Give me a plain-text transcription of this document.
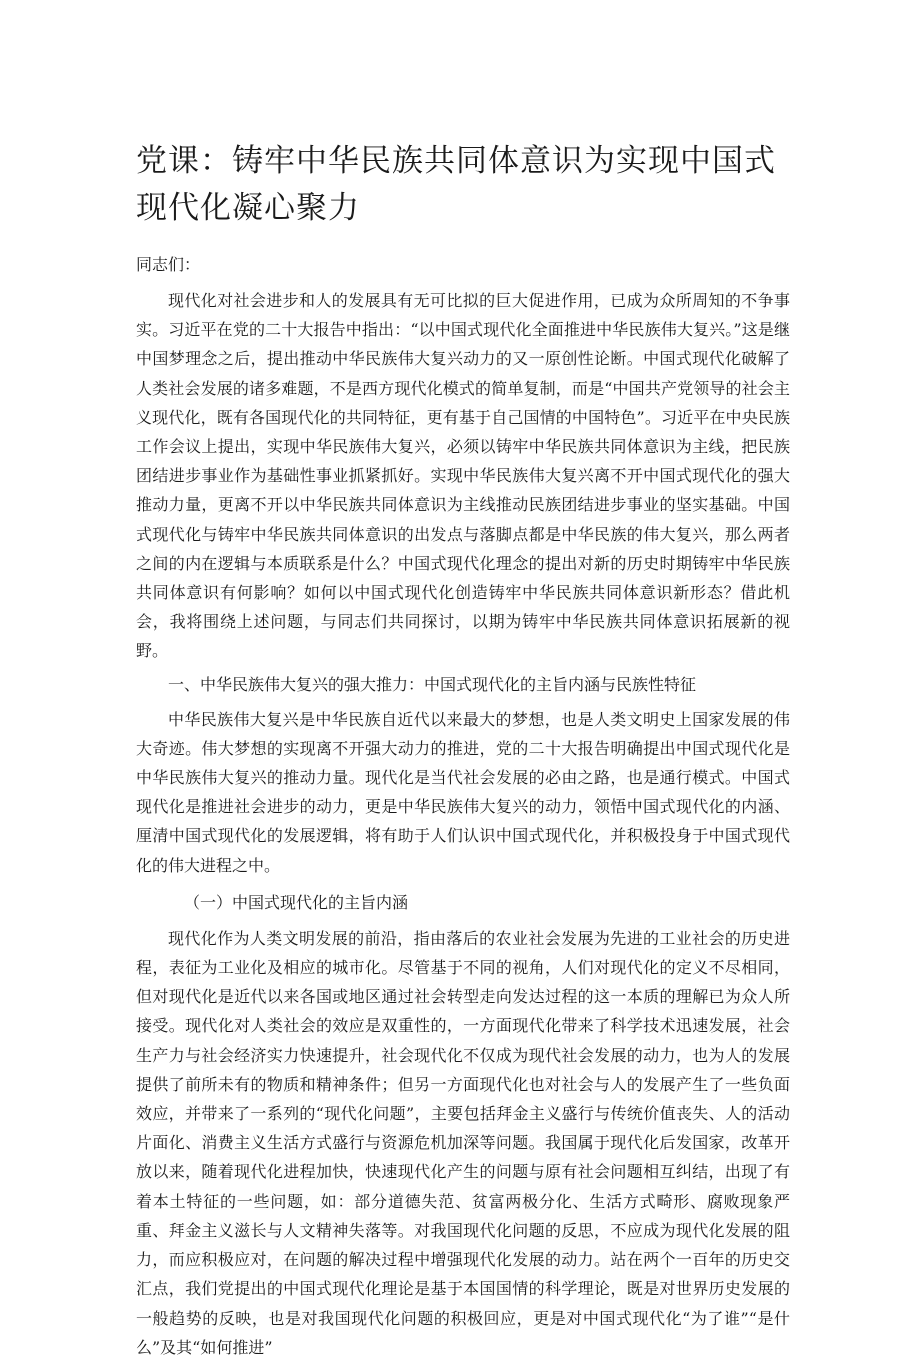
党课：铸牢中华民族共同体意识为实现中国式现代化凝心聚力

同志们：

现代化对社会进步和人的发展具有无可比拟的巨大促进作用，已成为众所周知的不争事实。习近平在党的二十大报告中指出：“以中国式现代化全面推进中华民族伟大复兴。”这是继中国梦理念之后，提出推动中华民族伟大复兴动力的又一原创性论断。中国式现代化破解了人类社会发展的诸多难题，不是西方现代化模式的简单复制，而是“中国共产党领导的社会主义现代化，既有各国现代化的共同特征，更有基于自己国情的中国特色”。习近平在中央民族工作会议上提出，实现中华民族伟大复兴，必须以铸牢中华民族共同体意识为主线，把民族团结进步事业作为基础性事业抓紧抓好。实现中华民族伟大复兴离不开中国式现代化的强大推动力量，更离不开以中华民族共同体意识为主线推动民族团结进步事业的坚实基础。中国式现代化与铸牢中华民族共同体意识的出发点与落脚点都是中华民族的伟大复兴，那么两者之间的内在逻辑与本质联系是什么？中国式现代化理念的提出对新的历史时期铸牢中华民族共同体意识有何影响？如何以中国式现代化创造铸牢中华民族共同体意识新形态？借此机会，我将围绕上述问题，与同志们共同探讨，以期为铸牢中华民族共同体意识拓展新的视野。

一、中华民族伟大复兴的强大推力：中国式现代化的主旨内涵与民族性特征

中华民族伟大复兴是中华民族自近代以来最大的梦想，也是人类文明史上国家发展的伟大奇迹。伟大梦想的实现离不开强大动力的推进，党的二十大报告明确提出中国式现代化是中华民族伟大复兴的推动力量。现代化是当代社会发展的必由之路，也是通行模式。中国式现代化是推进社会进步的动力，更是中华民族伟大复兴的动力，领悟中国式现代化的内涵、厘清中国式现代化的发展逻辑，将有助于人们认识中国式现代化，并积极投身于中国式现代化的伟大进程之中。

（一）中国式现代化的主旨内涵

现代化作为人类文明发展的前沿，指由落后的农业社会发展为先进的工业社会的历史进程，表征为工业化及相应的城市化。尽管基于不同的视角，人们对现代化的定义不尽相同，但对现代化是近代以来各国或地区通过社会转型走向发达过程的这一本质的理解已为众人所接受。现代化对人类社会的效应是双重性的，一方面现代化带来了科学技术迅速发展，社会生产力与社会经济实力快速提升，社会现代化不仅成为现代社会发展的动力，也为人的发展提供了前所未有的物质和精神条件；但另一方面现代化也对社会与人的发展产生了一些负面效应，并带来了一系列的“现代化问题”，主要包括拜金主义盛行与传统价值丧失、人的活动片面化、消费主义生活方式盛行与资源危机加深等问题。我国属于现代化后发国家，改革开放以来，随着现代化进程加快，快速现代化产生的问题与原有社会问题相互纠结，出现了有着本土特征的一些问题，如：部分道德失范、贫富两极分化、生活方式畸形、腐败现象严重、拜金主义滋长与人文精神失落等。对我国现代化问题的反思，不应成为现代化发展的阻力，而应积极应对，在问题的解决过程中增强现代化发展的动力。站在两个一百年的历史交汇点，我们党提出的中国式现代化理论是基于本国国情的科学理论，既是对世界历史发展的一般趋势的反映，也是对我国现代化问题的积极回应，更是对中国式现代化“为了谁”“是什么”及其“如何推进”
